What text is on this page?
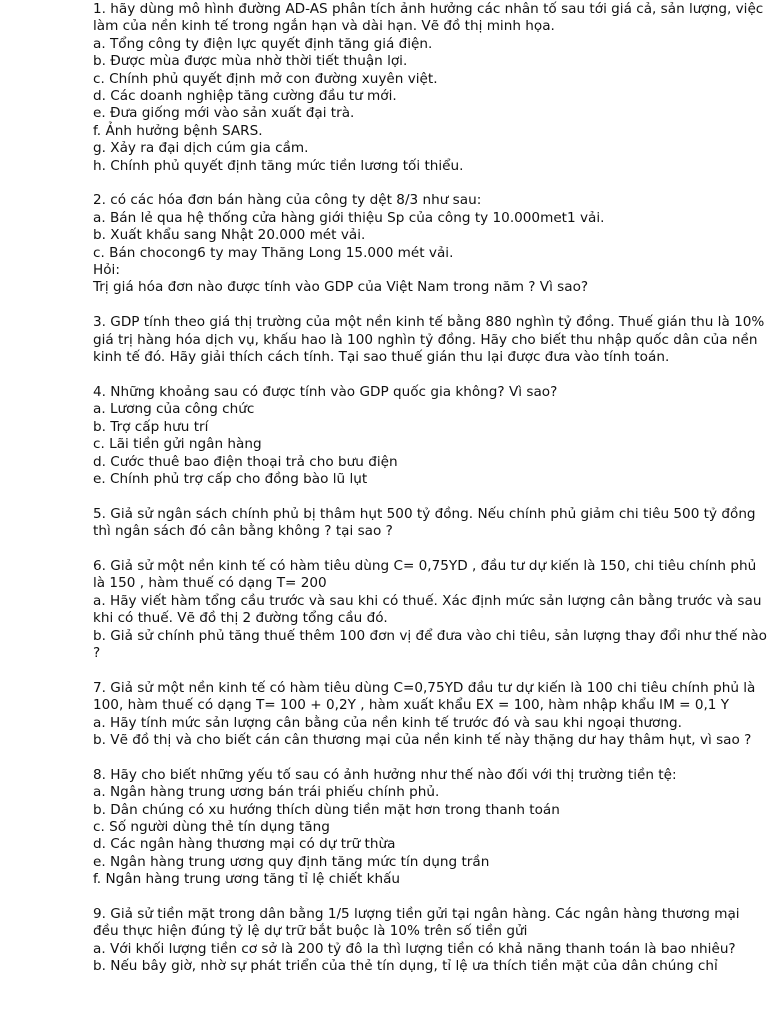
1. hãy dùng mô hình đường AD-AS phân tích ảnh hưởng các nhân tố sau tới giá cả, sản lượng, việc làm của nền kinh tế trong ngắn hạn và dài hạn. Vẽ đồ thị minh họa.
a. Tổng công ty điện lực quyết định tăng giá điện.
b. Được mùa được mùa nhờ thời tiết thuận lợi.
c. Chính phủ quyết định mở con đường xuyên việt.
d. Các doanh nghiệp tăng cường đầu tư mới.
e. Đưa giống mới vào sản xuất đại trà.
f. Ảnh hưởng bệnh SARS.
g. Xảy ra đại dịch cúm gia cầm.
h. Chính phủ quyết định tăng mức tiền lương tối thiểu.
2. có các hóa đơn bán hàng của công ty dệt 8/3 như sau:
a. Bán lẻ qua hệ thống cửa hàng giới thiệu Sp của công ty 10.000met1 vải.
b. Xuất khẩu sang Nhật 20.000 mét vải.
c. Bán chocong6 ty may Thăng Long 15.000 mét vải.
Hỏi:
Trị giá hóa đơn nào được tính vào GDP của Việt Nam trong năm ? Vì sao?
3. GDP tính theo giá thị trường của một nền kinh tế bằng 880 nghìn tỷ đồng. Thuế gián thu là 10% giá trị hàng hóa dịch vụ, khấu hao là 100 nghìn tỷ đồng. Hãy cho biết thu nhập quốc dân của nền kinh tế đó. Hãy giải thích cách tính. Tại sao thuế gián thu lại được đưa vào tính toán.
4. Những khoảng sau có được tính vào GDP quốc gia không? Vì sao?
a. Lương của công chức
b. Trợ cấp hưu trí
c. Lãi tiền gửi ngân hàng
d. Cước thuê bao điện thoại trả cho bưu điện
e. Chính phủ trợ cấp cho đồng bào lũ lụt
5. Giả sử ngân sách chính phủ bị thâm hụt 500 tỷ đồng. Nếu chính phủ giảm chi tiêu 500 tỷ đồng thì ngân sách đó cân bằng không ? tại sao ?
6. Giả sử một nền kinh tế có hàm tiêu dùng C= 0,75YD , đầu tư dự kiến là 150, chi tiêu chính phủ là 150 , hàm thuế có dạng T= 200
a. Hãy viết hàm tổng cầu trước và sau khi có thuế. Xác định mức sản lượng cân bằng trước và sau khi có thuế. Vẽ đồ thị 2 đường tổng cầu đó.
b. Giả sử chính phủ tăng thuế thêm 100 đơn vị để đưa vào chi tiêu, sản lượng thay đổi như thế nào ?
7. Giả sử một nền kinh tế có hàm tiêu dùng C=0,75YD đầu tư dự kiến là 100 chi tiêu chính phủ là 100, hàm thuế có dạng T= 100 + 0,2Y , hàm xuất khẩu EX = 100, hàm nhập khẩu IM = 0,1 Y
a. Hãy tính mức sản lượng cân bằng của nền kinh tế trước đó và sau khi ngoại thương.
b. Vẽ đồ thị và cho biết cán cân thương mại của nền kinh tế này thặng dư hay thâm hụt, vì sao ?
8. Hãy cho biết những yếu tố sau có ảnh hưởng như thế nào đối với thị trường tiền tệ:
a. Ngân hàng trung ương bán trái phiếu chính phủ.
b. Dân chúng có xu hướng thích dùng tiền mặt hơn trong thanh toán
c. Số người dùng thẻ tín dụng tăng
d. Các ngân hàng thương mại có dự trữ thừa
e. Ngân hàng trung ương quy định tăng mức tín dụng trần
f. Ngân hàng trung ương tăng tỉ lệ chiết khấu
9. Giả sử tiền mặt trong dân bằng 1/5 lượng tiền gửi tại ngân hàng. Các ngân hàng thương mại đều thực hiện đúng tỷ lệ dự trữ bắt buộc là 10% trên số tiền gửi
a. Với khối lượng tiền cơ sở là 200 tỷ đô la thì lượng tiền có khả năng thanh toán là bao nhiêu?
b. Nếu bây giờ, nhờ sự phát triển của thẻ tín dụng, tỉ lệ ưa thích tiền mặt của dân chúng chỉ
